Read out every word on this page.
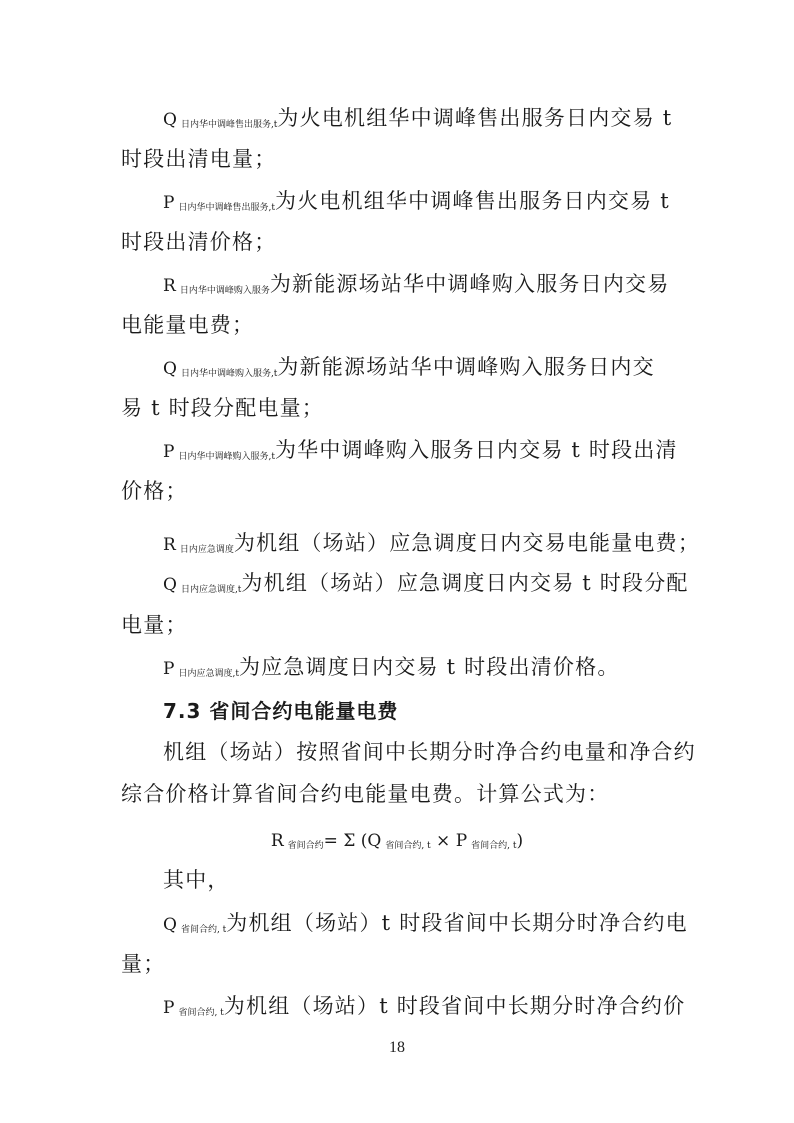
Q $_{日内华中调峰售出服务,t}$为火电机组华中调峰售出服务日内交易 t
时段出清电量；
P $_{日内华中调峰售出服务,t}$为火电机组华中调峰售出服务日内交易 t
时段出清价格；
R $_{日内华中调峰购入服务}$为新能源场站华中调峰购入服务日内交易
电能量电费；
Q $_{日内华中调峰购入服务,t}$为新能源场站华中调峰购入服务日内交
易 t 时段分配电量；
P $_{日内华中调峰购入服务,t}$为华中调峰购入服务日内交易 t 时段出清
价格；
R $_{日内应急调度}$为机组（场站）应急调度日内交易电能量电费；
Q $_{日内应急调度,t}$为机组（场站）应急调度日内交易 t 时段分配
电量；
P $_{日内应急调度,t}$为应急调度日内交易 t 时段出清价格。
7.3 省间合约电能量电费
机组（场站）按照省间中长期分时净合约电量和净合约
综合价格计算省间合约电能量电费。计算公式为：
R $_{省间合约}$= Σ (Q $_{省间合约, t}$ × P $_{省间合约, t}$)
其中，
Q $_{省间合约, t}$为机组（场站）t 时段省间中长期分时净合约电
量；
P $_{省间合约, t}$为机组（场站）t 时段省间中长期分时净合约价
18
